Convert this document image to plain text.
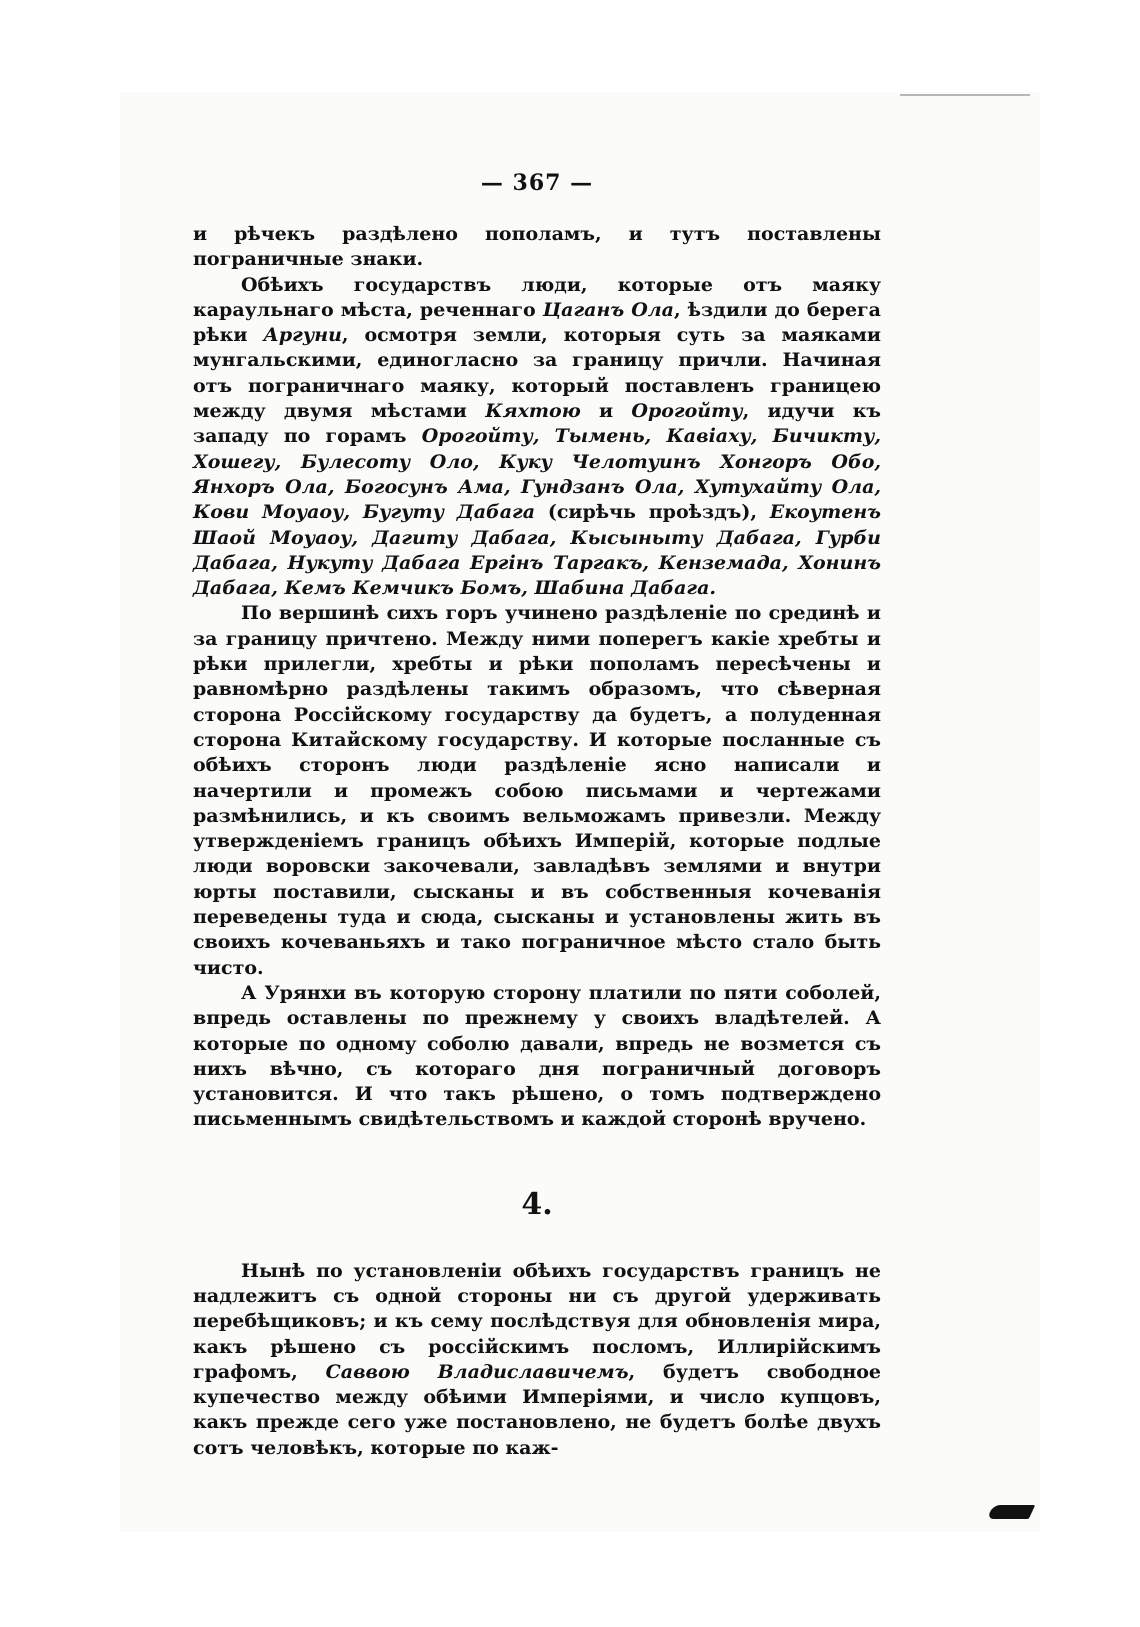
— 367 —

и рѣчекъ раздѣлено пополамъ, и тутъ поставлены пограничные знаки.

Обѣихъ государствъ люди, которые отъ маяку караульнаго мѣста, реченнаго Цаганъ Ола, ѣздили до берега рѣки Аргуни, осмотря земли, которыя суть за маяками мунгальскими, единогласно за границу причли. Начиная отъ пограничнаго маяку, который поставленъ границею между двумя мѣстами Кяхтою и Орогойту, идучи къ западу по горамъ Орогойту, Тымень, Кавіаху, Бичикту, Хошегу, Булесоту Оло, Куку Челотуинъ Хонгоръ Обо, Янхоръ Ола, Богосунъ Ама, Гундзанъ Ола, Хутухайту Ола, Кови Моуаоу, Бугуту Дабага (сирѣчь проѣздъ), Екоутенъ Шаой Моуаоу, Дагиту Дабага, Кысыныту Дабага, Гурби Дабага, Нукуту Дабага Ергінъ Таргакъ, Кенземада, Хонинъ Дабага, Кемъ Кемчикъ Бомъ, Шабина Дабага.

По вершинѣ сихъ горъ учинено раздѣленіе по срединѣ и за границу причтено. Между ними поперегъ какіе хребты и рѣки прилегли, хребты и рѣки пополамъ пересѣчены и равномѣрно раздѣлены такимъ образомъ, что сѣверная сторона Россійскому государству да будетъ, а полуденная сторона Китайскому государству. И которые посланные съ обѣихъ сторонъ люди раздѣленіе ясно написали и начертили и промежъ собою письмами и чертежами размѣнились, и къ своимъ вельможамъ привезли. Между утвержденіемъ границъ обѣихъ Имперій, которые подлые люди воровски закочевали, завладѣвъ землями и внутри юрты поставили, сысканы и въ собственныя кочеванія переведены туда и сюда, сысканы и установлены жить въ своихъ кочеваньяхъ и тако пограничное мѣсто стало быть чисто.

А Урянхи въ которую сторону платили по пяти соболей, впредь оставлены по прежнему у своихъ владѣтелей. А которые по одному соболю давали, впредь не возмется съ нихъ вѣчно, съ котораго дня пограничный договоръ установится. И что такъ рѣшено, о томъ подтверждено письменнымъ свидѣтельствомъ и каждой сторонѣ вручено.

4.

Нынѣ по установленіи обѣихъ государствъ границъ не надлежитъ съ одной стороны ни съ другой удерживать перебѣщиковъ; и къ сему послѣдствуя для обновленія мира, какъ рѣшено съ россійскимъ посломъ, Иллирійскимъ графомъ, Саввою Владиславичемъ, будетъ свободное купечество между обѣими Имперіями, и число купцовъ, какъ прежде сего уже постановлено, не будетъ болѣе двухъ сотъ человѣкъ, которые по каж-
